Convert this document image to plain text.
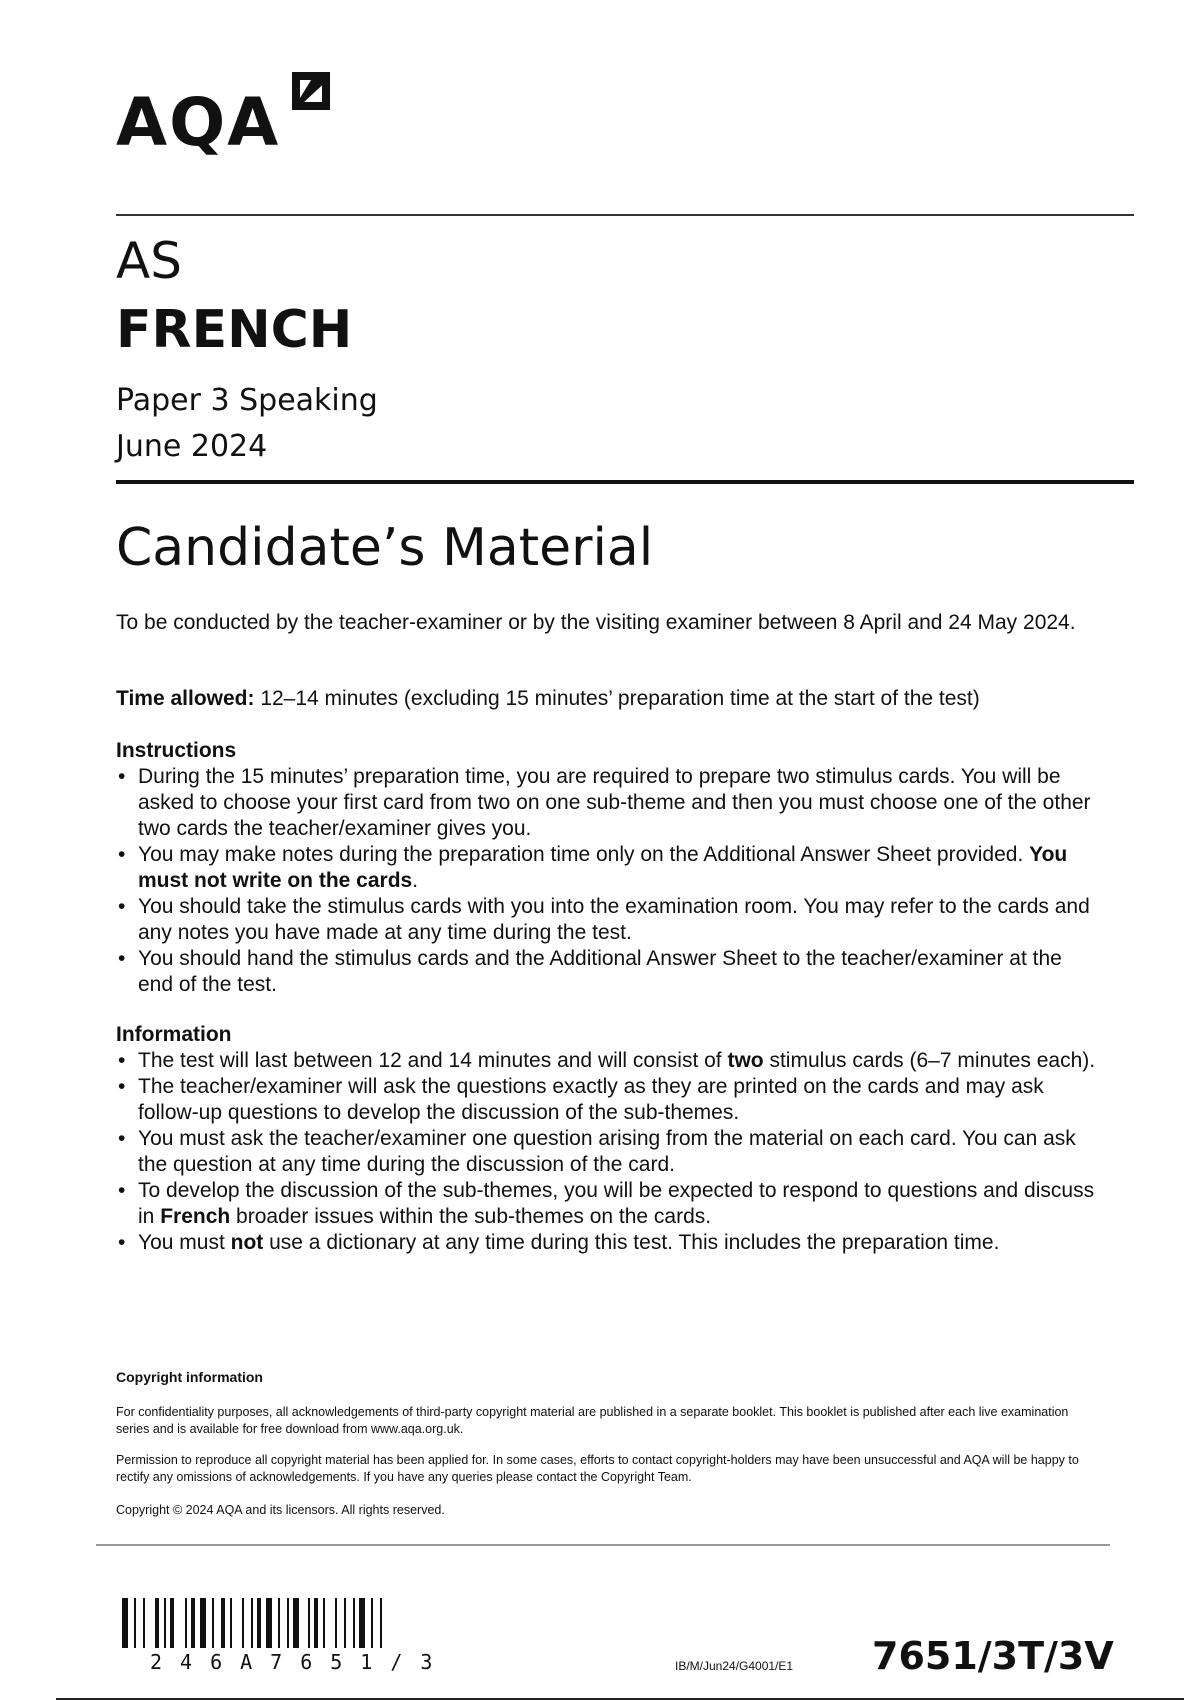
AQA
AS
FRENCH
Paper 3 Speaking
June 2024
Candidate’s Material
To be conducted by the teacher-examiner or by the visiting examiner between 8 April and 24 May 2024.
Time allowed: 12–14 minutes (excluding 15 minutes’ preparation time at the start of the test)
Instructions
• During the 15 minutes’ preparation time, you are required to prepare two stimulus cards. You will be asked to choose your first card from two on one sub-theme and then you must choose one of the other two cards the teacher/examiner gives you.
• You may make notes during the preparation time only on the Additional Answer Sheet provided. You must not write on the cards.
• You should take the stimulus cards with you into the examination room. You may refer to the cards and any notes you have made at any time during the test.
• You should hand the stimulus cards and the Additional Answer Sheet to the teacher/examiner at the end of the test.
Information
• The test will last between 12 and 14 minutes and will consist of two stimulus cards (6–7 minutes each).
• The teacher/examiner will ask the questions exactly as they are printed on the cards and may ask follow-up questions to develop the discussion of the sub-themes.
• You must ask the teacher/examiner one question arising from the material on each card. You can ask the question at any time during the discussion of the card.
• To develop the discussion of the sub-themes, you will be expected to respond to questions and discuss in French broader issues within the sub-themes on the cards.
• You must not use a dictionary at any time during this test. This includes the preparation time.
Copyright information
For confidentiality purposes, all acknowledgements of third-party copyright material are published in a separate booklet. This booklet is published after each live examination series and is available for free download from www.aqa.org.uk.
Permission to reproduce all copyright material has been applied for. In some cases, efforts to contact copyright-holders may have been unsuccessful and AQA will be happy to rectify any omissions of acknowledgements. If you have any queries please contact the Copyright Team.
Copyright © 2024 AQA and its licensors. All rights reserved.
246A7651/3	IB/M/Jun24/G4001/E1 7651/3T/3V
